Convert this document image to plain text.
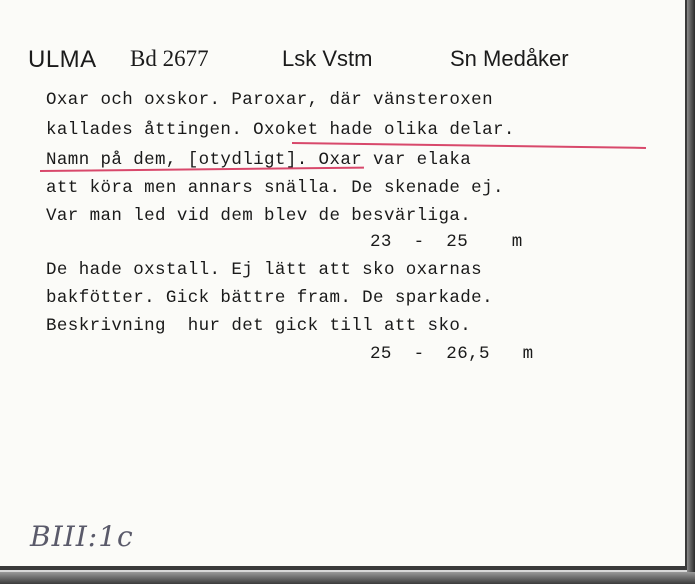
ULMA Bd 2677	Lsk Vstm	Sn Medåker
Oxar och oxskor. Paroxar, där vänsteroxen
kallades åttingen. Oxoket hade olika delar.
Namn på dem, [otydligt]. Oxar var elaka
att köra men annars snälla. De skenade ej.
Var man led vid dem blev de besvärliga.
23  -  25    m
De hade oxstall. Ej lätt att sko oxarnas
bakfötter. Gick bättre fram. De sparkade.
Beskrivning  hur det gick till att sko.
25  -  26,5   m
BIII:1c
